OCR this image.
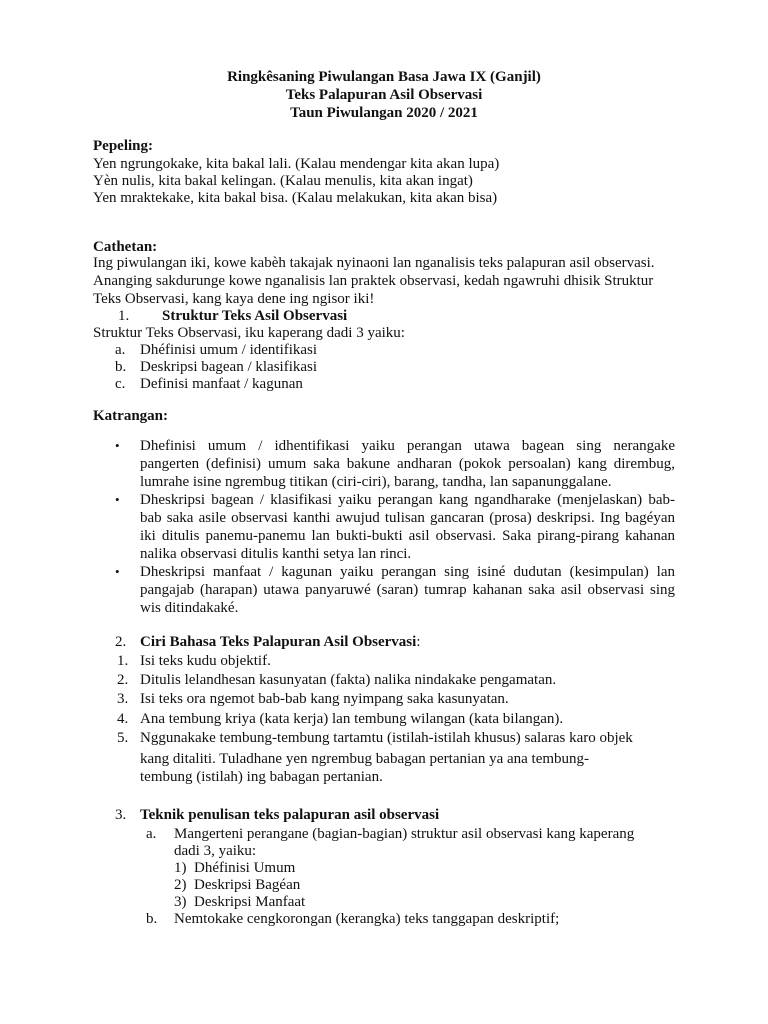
Ringkêsaning Piwulangan Basa Jawa IX (Ganjil)
Teks Palapuran Asil Observasi
Taun Piwulangan 2020 / 2021
Pepeling:
Yen ngrungokake, kita bakal lali. (Kalau mendengar kita akan lupa)
Yèn nulis, kita bakal kelingan. (Kalau menulis, kita akan ingat)
Yen mraktekake, kita bakal bisa. (Kalau melakukan, kita akan bisa)
Cathetan:
Ing piwulangan iki, kowe kabèh takajak nyinaoni lan nganalisis teks palapuran asil observasi.
Ananging sakdurunge kowe nganalisis lan praktek observasi, kedah ngawruhi dhisik Struktur
Teks Observasi, kang kaya dene ing ngisor iki!
1. Struktur Teks Asil Observasi
Struktur Teks Observasi, iku kaperang dadi 3 yaiku:
a. Dhéfinisi umum / identifikasi
b. Deskripsi bagean / klasifikasi
c. Definisi manfaat / kagunan
Katrangan:
• Dhefinisi umum / idhentifikasi yaiku perangan utawa bagean sing nerangake
pangerten (definisi) umum saka bakune andharan (pokok persoalan) kang dirembug,
lumrahe isine ngrembug titikan (ciri-ciri), barang, tandha, lan sapanunggalane.
• Dheskripsi bagean / klasifikasi yaiku perangan kang ngandharake (menjelaskan) bab-
bab saka asile observasi kanthi awujud tulisan gancaran (prosa) deskripsi. Ing bagéyan
iki ditulis panemu-panemu lan bukti-bukti asil observasi. Saka pirang-pirang kahanan
nalika observasi ditulis kanthi setya lan rinci.
• Dheskripsi manfaat / kagunan yaiku perangan sing isiné dudutan (kesimpulan) lan
pangajab (harapan) utawa panyaruwé (saran) tumrap kahanan saka asil observasi sing
wis ditindakaké.
2. Ciri Bahasa Teks Palapuran Asil Observasi:
1. Isi teks kudu objektif.
2. Ditulis lelandhesan kasunyatan (fakta) nalika nindakake pengamatan.
3. Isi teks ora ngemot bab-bab kang nyimpang saka kasunyatan.
4. Ana tembung kriya (kata kerja) lan tembung wilangan (kata bilangan).
5. Nggunakake tembung-tembung tartamtu (istilah-istilah khusus) salaras karo objek
kang ditaliti. Tuladhane yen ngrembug babagan pertanian ya ana tembung-
tembung (istilah) ing babagan pertanian.
3. Teknik penulisan teks palapuran asil observasi
a. Mangerteni perangane (bagian-bagian) struktur asil observasi kang kaperang
dadi 3, yaiku:
1) Dhéfinisi Umum
2) Deskripsi Bagéan
3) Deskripsi Manfaat
b. Nemtokake cengkorongan (kerangka) teks tanggapan deskriptif;
